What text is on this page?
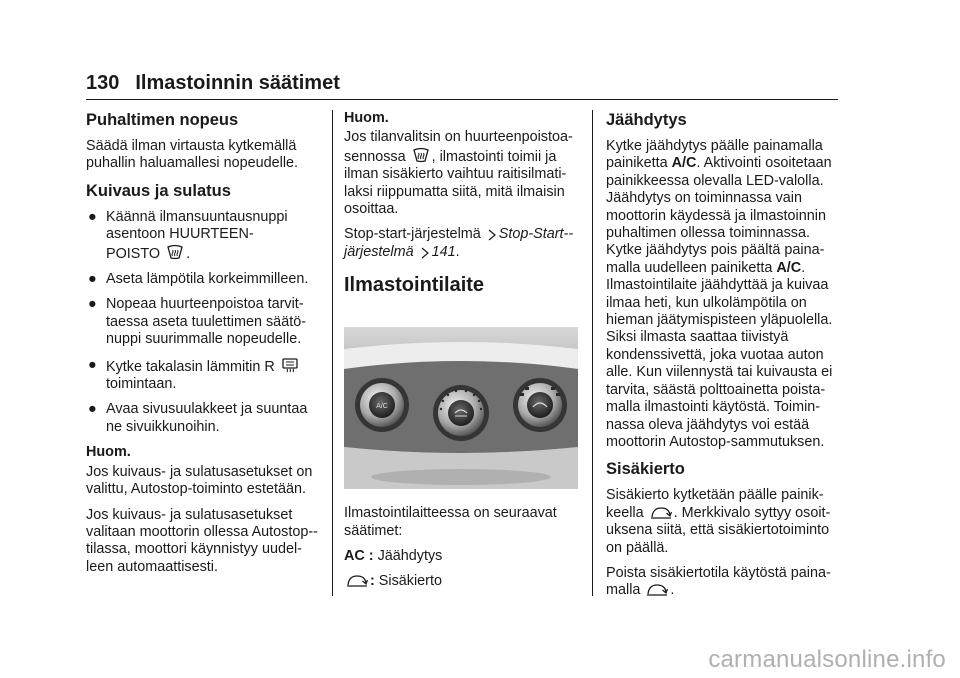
130 Ilmastoinnin säätimet
Puhaltimen nopeus

Säädä ilman virtausta kytkemällä puhallin haluamallesi nopeudelle.

Kuivaus ja sulatus
● Käännä ilmansuuntausnuppi asentoon HUURTEEN-
POISTO .
● Aseta lämpötila korkeimmilleen.
● Nopeaa huurteenpoistoa tarvit-taessa aseta tuulettimen säätö-nuppi suurimmalle nopeudelle.
● Kytke takalasin lämmitin R
toimintaan.
● Avaa sivusuulakkeet ja suuntaa ne sivuikkunoihin.
Huom.

Jos kuivaus- ja sulatusasetukset on valittu, Autostop-toiminto estetään.

Jos kuivaus- ja sulatusasetukset valitaan moottorin ollessa Autostop--tilassa, moottori käynnistyy uudel-leen automaattisesti.

Huom.

Jos tilanvalitsin on huurteenpoistoa-
sennossa , ilmastointi toimii ja ilman sisäkierto vaihtuu raitisilmati-laksi riippumatta siitä, mitä ilmaisin osoittaa.

Stop-start-järjestelmä Stop-Start--järjestelmä 141.

Ilmastointilaite
A/C

Ilmastointilaitteessa on seuraavat säätimet:

AC : Jäähdytys

: Sisäkierto

Jäähdytys

Kytke jäähdytys päälle painamalla painiketta A/C. Aktivointi osoitetaan painikkeessa olevalla LED-valolla. Jäähdytys on toiminnassa vain moottorin käydessä ja ilmastoinnin puhaltimen ollessa toiminnassa. Kytke jäähdytys pois päältä paina-malla uudelleen painiketta A/C. Ilmastointilaite jäähdyttää ja kuivaa ilmaa heti, kun ulkolämpötila on hieman jäätymispisteen yläpuolella. Siksi ilmasta saattaa tiivistyä kondenssivettä, joka vuotaa auton alle. Kun viilennystä tai kuivausta ei tarvita, säästä polttoainetta poista-malla ilmastointi käytöstä. Toimin-nassa oleva jäähdytys voi estää moottorin Autostop-sammutuksen.

Sisäkierto

Sisäkierto kytketään päälle painik-
keella . Merkkivalo syttyy osoit-uksena siitä, että sisäkiertotoiminto on päällä.

Poista sisäkiertotila käytöstä paina-
malla .

carmanualsonline.info
